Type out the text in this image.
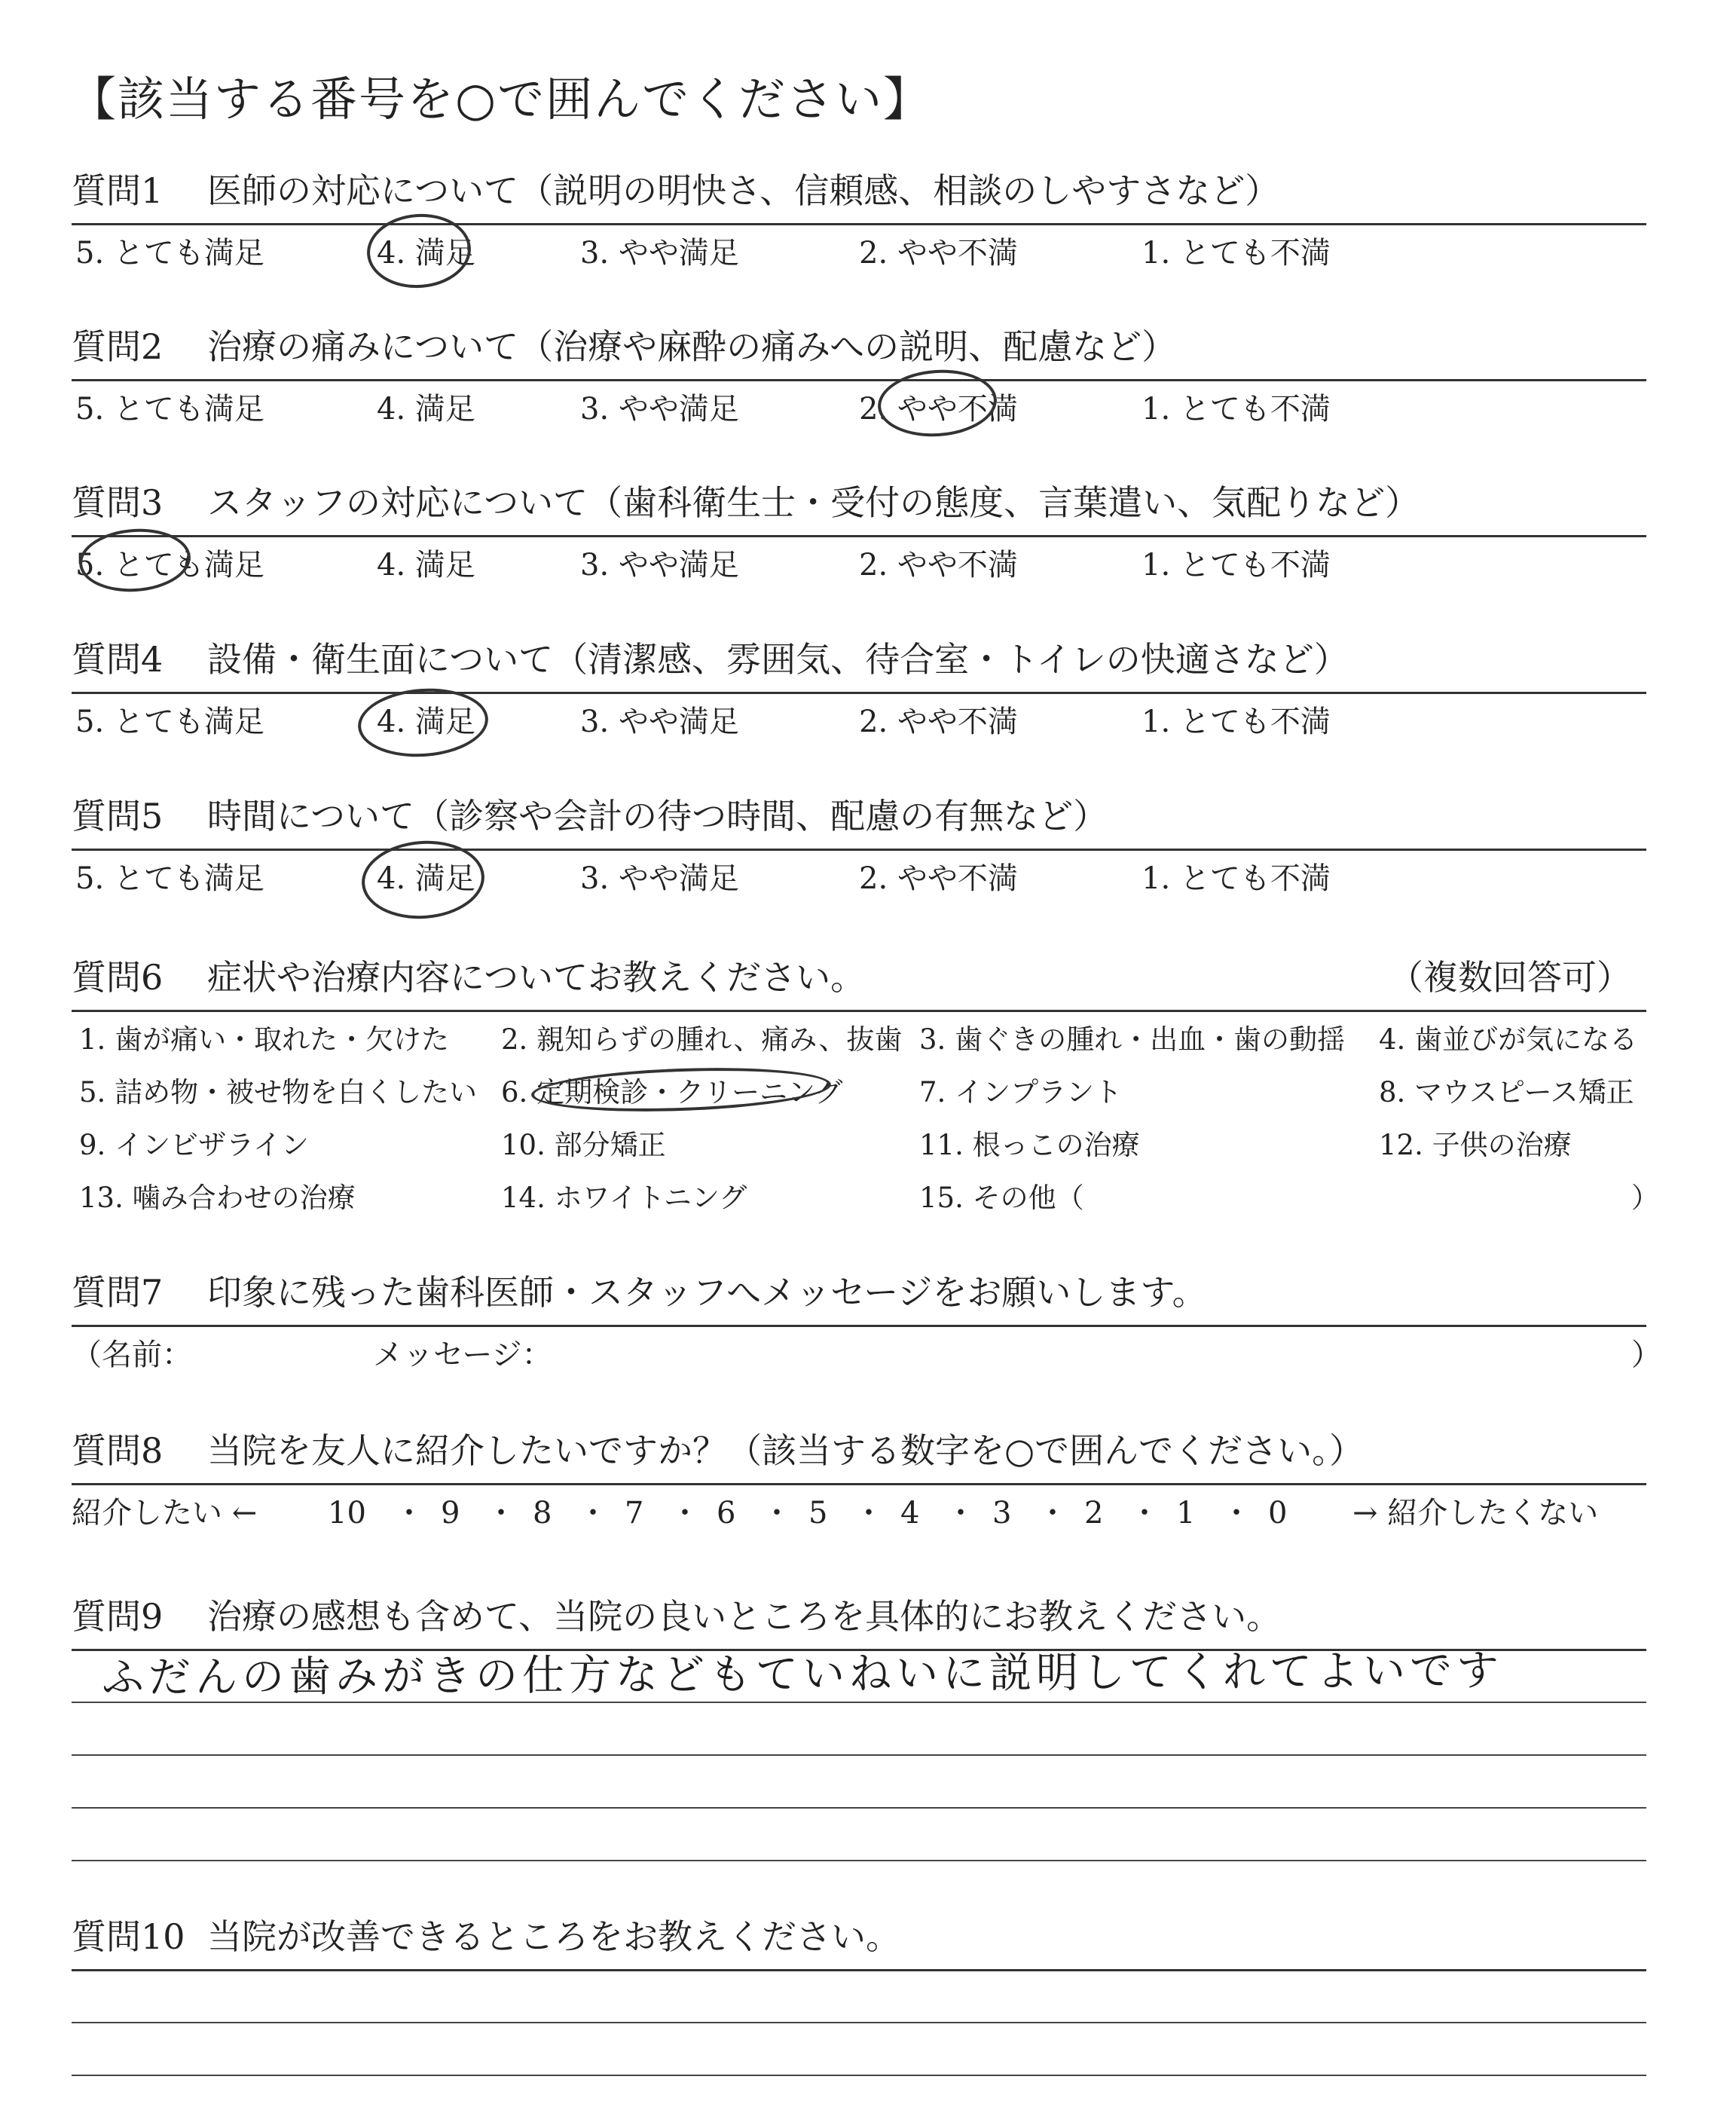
【該当する番号を○で囲んでください】
質問1 医師の対応について（説明の明快さ、信頼感、相談のしやすさなど）
5. とても満足	4. 満足	3. やや満足	2. やや不満	1. とても不満
質問2 治療の痛みについて（治療や麻酔の痛みへの説明、配慮など）
5. とても満足	4. 満足	3. やや満足	2. やや不満	1. とても不満
質問3 スタッフの対応について（歯科衛生士・受付の態度、言葉遣い、気配りなど）
5. とても満足	4. 満足	3. やや満足	2. やや不満	1. とても不満
質問4 設備・衛生面について（清潔感、雰囲気、待合室・トイレの快適さなど）
5. とても満足	4. 満足	3. やや満足	2. やや不満	1. とても不満
質問5 時間について（診察や会計の待つ時間、配慮の有無など）
5. とても満足	4. 満足	3. やや満足	2. やや不満	1. とても不満
質問6 症状や治療内容についてお教えください。	（複数回答可）
1. 歯が痛い・取れた・欠けた 2. 親知らずの腫れ、痛み、抜歯 3. 歯ぐきの腫れ・出血・歯の動揺 4. 歯並びが気になる
5. 詰め物・被せ物を白くしたい 6. 定期検診・クリーニング	7. インプラント	8. マウスピース矯正
9. インビザライン	10. 部分矯正	11. 根っこの治療	12. 子供の治療
13. 噛み合わせの治療	14. ホワイトニング	15. その他（	）
質問7 印象に残った歯科医師・スタッフへメッセージをお願いします。
（名前：	メッセージ：	）
質問8 当院を友人に紹介したいですか？（該当する数字を○で囲んでください。）
紹介したい ← 10 ・ 9 ・ 8 ・ 7 ・ 6 ・ 5 ・ 4 ・ 3 ・ 2 ・ 1 ・ 0 → 紹介したくない
質問9 治療の感想も含めて、当院の良いところを具体的にお教えください。
ふだんの歯みがきの仕方などもていねいに説明してくれてよいです
質問10 当院が改善できるところをお教えください。
